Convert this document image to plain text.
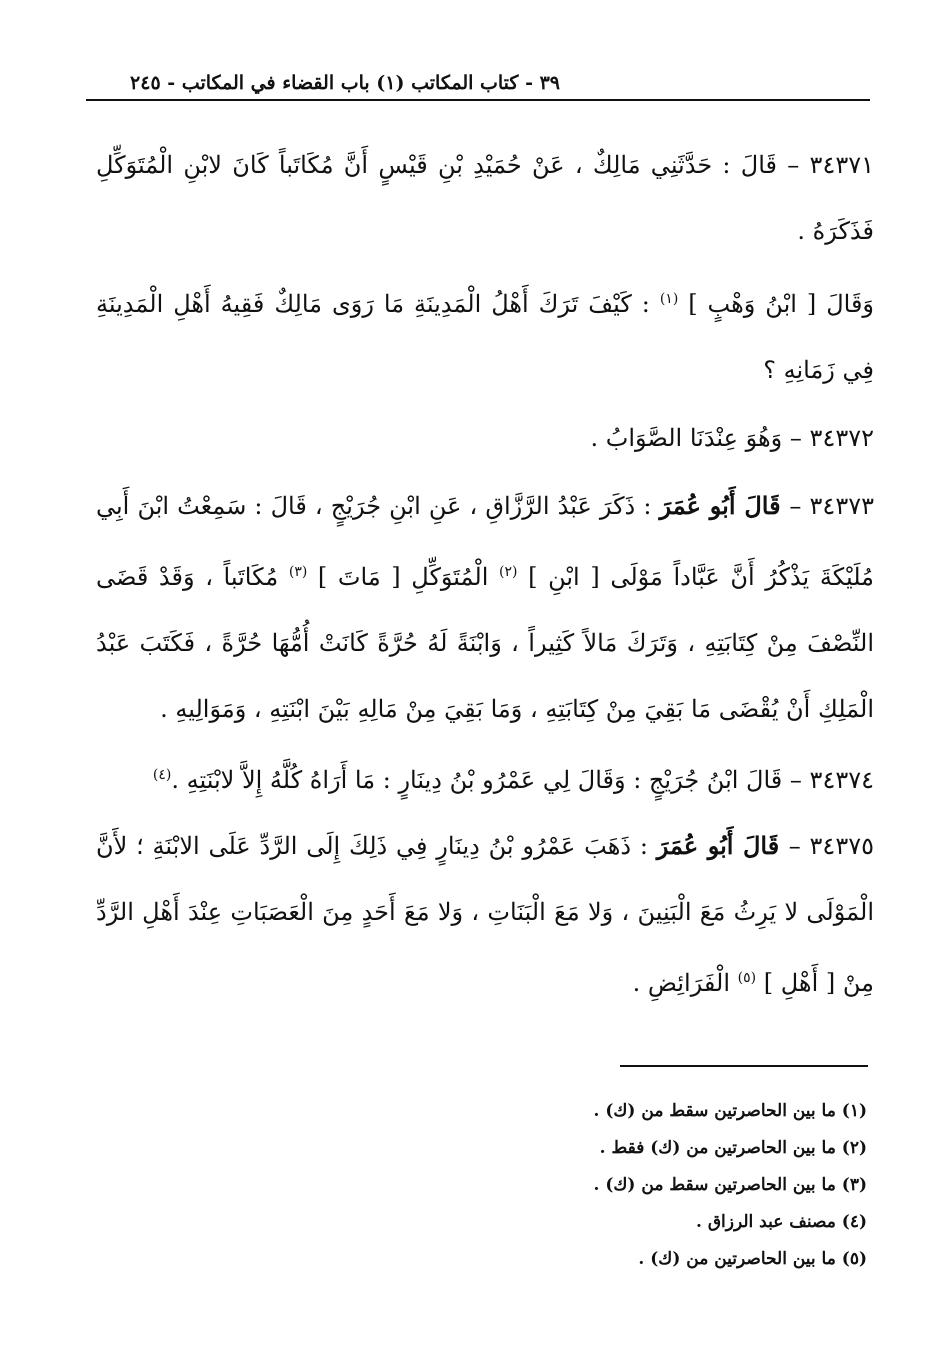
٣٩ - كتاب المكاتب (١) باب القضاء في المكاتب - ٢٤٥

٣٤٣٧١ – قَالَ : حَدَّثَنِي مَالِكٌ ، عَنْ حُمَيْدِ بْنِ قَيْسٍ أَنَّ مُكَاتَباً كَانَ لابْنِ الْمُتَوَكِّلِ فَذَكَرَهُ .

وَقَالَ [ ابْنُ وَهْبٍ ] $^{(١)}$ : كَيْفَ تَرَكَ أَهْلُ الْمَدِينَةِ مَا رَوَى مَالِكٌ فَقِيهُ أَهْلِ الْمَدِينَةِ فِي زَمَانِهِ ؟

٣٤٣٧٢ – وَهُوَ عِنْدَنَا الصَّوَابُ .

٣٤٣٧٣ – قَالَ أَبُو عُمَرَ : ذَكَرَ عَبْدُ الرَّزَّاقِ ، عَنِ ابْنِ جُرَيْجٍ ، قَالَ : سَمِعْتُ ابْنَ أَبِي مُلَيْكَةَ يَذْكُرُ أَنَّ عَبَّاداً مَوْلَى [ ابْنِ ] $^{(٢)}$ الْمُتَوَكِّلِ [ مَاتَ ] $^{(٣)}$ مُكَاتَباً ، وَقَدْ قَضَى النِّصْفَ مِنْ كِتَابَتِهِ ، وَتَرَكَ مَالاً كَثِيراً ، وَابْنَةً لَهُ حُرَّةً كَانَتْ أُمُّهَا حُرَّةً ، فَكَتَبَ عَبْدُ الْمَلِكِ أَنْ يُقْضَى مَا بَقِيَ مِنْ كِتَابَتِهِ ، وَمَا بَقِيَ مِنْ مَالِهِ بَيْنَ ابْنَتِهِ ، وَمَوَالِيهِ .

٣٤٣٧٤ – قَالَ ابْنُ جُرَيْجٍ : وَقَالَ لِي عَمْرُو بْنُ دِينَارٍ : مَا أَرَاهُ كُلَّهُ إِلاَّ لابْنَتِهِ .$^{(٤)}$

٣٤٣٧٥ – قَالَ أَبُو عُمَرَ : ذَهَبَ عَمْرُو بْنُ دِينَارٍ فِي ذَلِكَ إِلَى الرَّدِّ عَلَى الابْنَةِ ؛ لأَنَّ الْمَوْلَى لا يَرِثُ مَعَ الْبَنِينَ ، وَلا مَعَ الْبَنَاتِ ، وَلا مَعَ أَحَدٍ مِنَ الْعَصَبَاتِ عِنْدَ أَهْلِ الرَّدِّ مِنْ [ أَهْلِ ] $^{(٥)}$ الْفَرَائِضِ .

(١) ما بين الحاصرتين سقط من (ك) .
(٢) ما بين الحاصرتين من (ك) فقط .
(٣) ما بين الحاصرتين سقط من (ك) .
(٤) مصنف عبد الرزاق .
(٥) ما بين الحاصرتين من (ك) .
